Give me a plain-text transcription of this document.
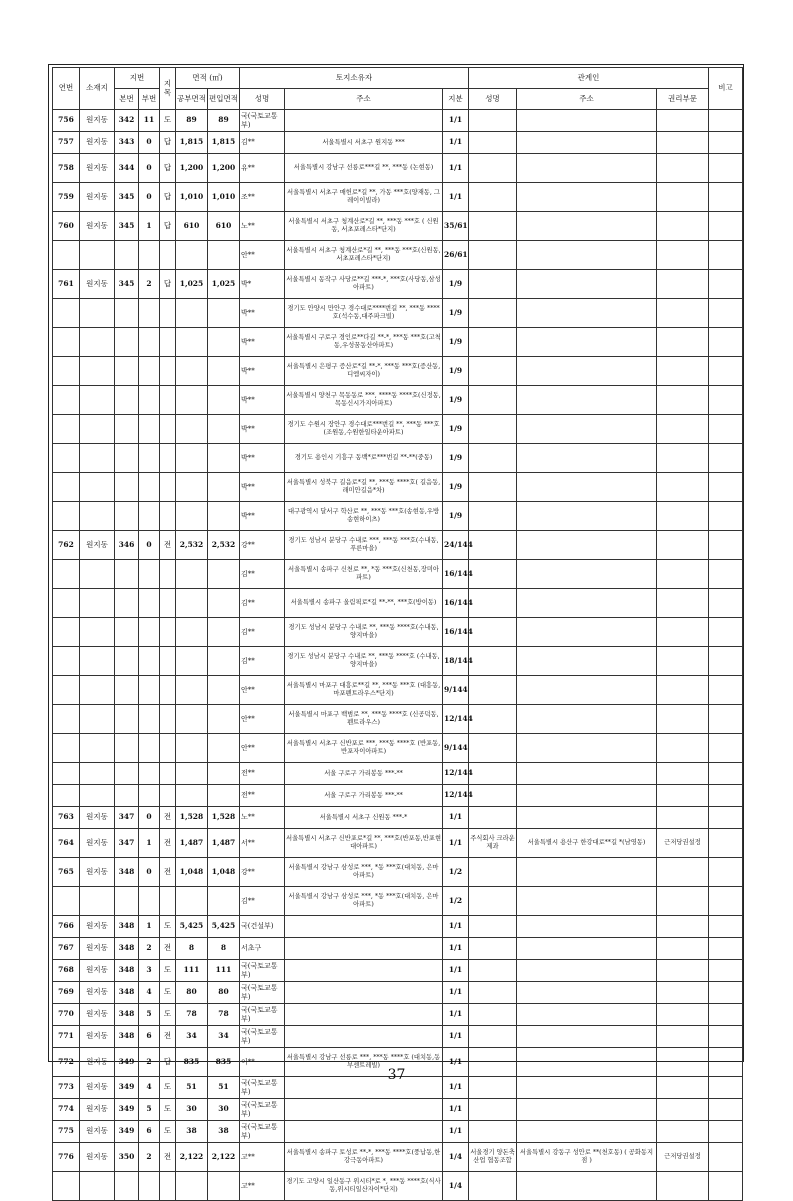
연번	소재지	지번		지목	면적 (㎡)		토지소유자			관계인			비고
		본번	부번		공부면적	편입면적	성명	주소	지분	성명	주소	권리부문	
756	원지동	342	11	도	89	89	국(국토교통부)		1/1				
757	원지동	343	0	답	1,815	1,815	김**	서울특별시 서초구 원지동 ***	1/1				
758	원지동	344	0	답	1,200	1,200	유**	서울특별시 강남구 선릉로***길 **, ***동 (논현동)	1/1				
759	원지동	345	0	답	1,010	1,010	조**	서울특별시 서초구 매헌로*길 **, 가동 ***호(양재동, 그레이이빌라)	1/1				
760	원지동	345	1	답	610	610	노**	서울특별시 서초구 청계산로*길 **, ***동 ***호 ( 신원동, 서초포레스타*단지)	35/61				
							안**	서울특별시 서초구 청계산로*길 **, ***동 ***호(신원동, 서초포레스타*단지)	26/61				
761	원지동	345	2	답	1,025	1,025	박*	서울특별시 동작구 사당로**길 ***-*, ***호(사당동,삼성아파트)	1/9				
							박**	경기도 안양시 만안구 경수대로****번길 **, ***동 ****호(석수동,대주파크빌)	1/9				
							박**	서울특별시 구로구 경인로**다길 **-*, ***동 ***호(고척동,우성꿈동산아파트)	1/9				
							박**	서울특별시 은평구 증산로*길 **-*, ***동 ***호(증산동,디엠씨자이)	1/9				
							박**	서울특별시 양천구 목동동로 ***, ****동 ****호(신정동,목동신시가지아파트)	1/9				
							박**	경기도 수원시 장안구 경수대로***번길 **, ***동 ***호(조원동,수원한일타운아파트)	1/9				
							박**	경기도 용인시 기흥구 동백*로***번길 **-**(중동)	1/9				
							박**	서울특별시 성북구 길음로*길 **, ***동 ****호( 길음동,래미안길음*차)	1/9				
							박**	대구광역시 달서구 학산로 **, ***동 ***호(송현동,우방송현하이츠)	1/9				
762	원지동	346	0	전	2,532	2,532	강**	경기도 성남시 분당구 수내로 ***, ***동 ***호(수내동,푸른마을)	24/144				
							김**	서울특별시 송파구 신천로 **, *동 ***호(신천동,장미아파트)	16/144				
							김**	서울특별시 송파구 올림픽로*길 **-**, ***호(방이동)	16/144				
							김**	경기도 성남시 분당구 수내로 **, ***동 ****호(수내동,양지마을)	16/144				
							김**	경기도 성남시 분당구 수내로 **, ***동 ****호 (수내동,양지마을)	18/144				
							안**	서울특별시 마포구 대흥로**길 **, ***동 ***호 (대흥동,마포펜트라우스*단지)	9/144				
							안**	서울특별시 마포구 백범로 **, ***동 ****호 (신공덕동,펜트라우스)	12/144				
							안**	서울특별시 서초구 신반포로 ***, ***동 ****호 (반포동,반포자이아파트)	9/144				
							전**	서울 구로구 가리봉동 ***-**	12/144				
							전**	서울 구로구 가리봉동 ***-**	12/144				
763	원지동	347	0	전	1,528	1,528	노**	서울특별시 서초구 신원동 ***-*	1/1				
764	원지동	347	1	전	1,487	1,487	서**	서울특별시 서초구 신반포로*길 **, ***호(반포동,반포현대아파트)	1/1	주식회사 크라운제과	서울특별시 용산구 한강대로**길 *(남영동)	근저당권설정	
765	원지동	348	0	전	1,048	1,048	강**	서울특별시 강남구 삼성로 ***, *동 ***호(대치동, 은마아파트)	1/2				
							김**	서울특별시 강남구 삼성로 ***, *동 ***호(대치동, 은마아파트)	1/2				
766	원지동	348	1	도	5,425	5,425	국(건설부)		1/1				
767	원지동	348	2	전	8	8	서초구		1/1				
768	원지동	348	3	도	111	111	국(국토교통부)		1/1				
769	원지동	348	4	도	80	80	국(국토교통부)		1/1				
770	원지동	348	5	도	78	78	국(국토교통부)		1/1				
771	원지동	348	6	전	34	34	국(국토교통부)		1/1				
772	원지동	349	2	답	835	835	이**	서울특별시 강남구 선릉로 ***, ***동 ****호 (대치동,동부센트레빌)	1/1				
773	원지동	349	4	도	51	51	국(국토교통부)		1/1				
774	원지동	349	5	도	30	30	국(국토교통부)		1/1				
775	원지동	349	6	도	38	38	국(국토교통부)		1/1				
776	원지동	350	2	전	2,122	2,122	고**	서울특별시 송파구 토성로 **-*, ***동 ****호(풍납동,한강극동아파트)	1/4	서울경기 양돈축산업 협동조합	서울특별시 강동구 성안로 **(천호동) ( 공화동지점 )	근저당권설정	
							고**	경기도 고양시 일산동구 위시티*로 *, ***동 ****호(식사동,위시티일산자이*단지)	1/4				
37
